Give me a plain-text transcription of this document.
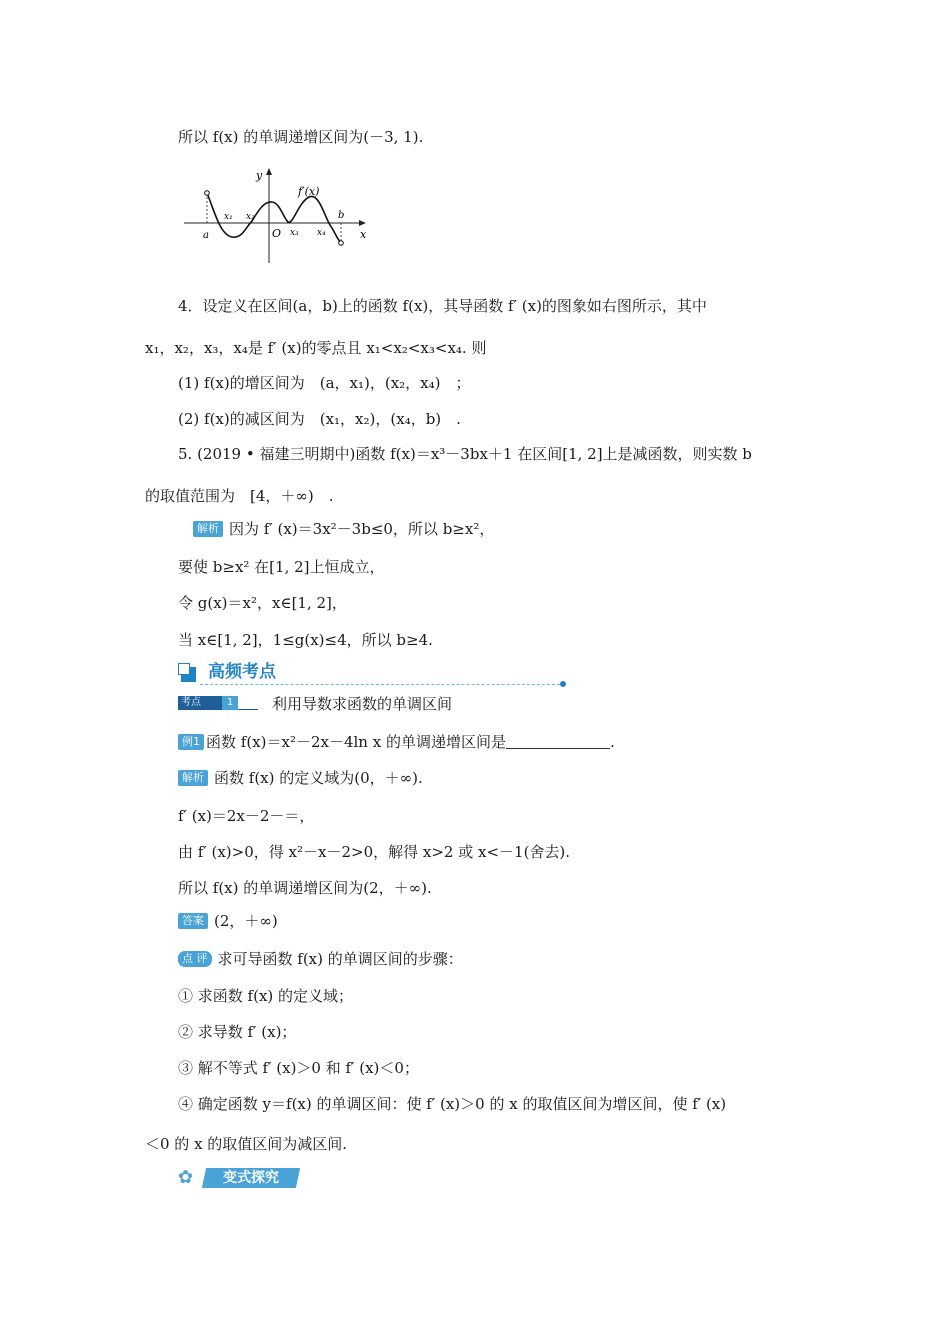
所以 f(x) 的单调递增区间为(－3, 1).
y
x
O
f′(x)
a
b
x₁ x₂
x₃ x₄
4．设定义在区间(a，b)上的函数 f(x)，其导函数 f′ (x)的图象如右图所示，其中
x₁，x₂，x₃，x₄是 f′ (x)的零点且 x₁<x₂<x₃<x₄. 则
(1) f(x)的增区间为　(a，x₁)，(x₂，x₄)　；
(2) f(x)的减区间为　(x₁，x₂)，(x₄，b)　.
5. (2019 • 福建三明期中)函数 f(x)＝x³－3bx＋1 在区间[1, 2]上是减函数，则实数 b
的取值范围为　[4，＋∞)　.
解析 因为 f′ (x)＝3x²－3b≤0，所以 b≥x²，
要使 b≥x² 在[1, 2]上恒成立，
令 g(x)＝x²，x∈[1, 2]，
当 x∈[1, 2]，1≤g(x)≤4，所以 b≥4.
高频考点
考点	1	利用导数求函数的单调区间
例1 函数 f(x)＝x²－2x－4ln x 的单调递增区间是	.
解析 函数 f(x) 的定义域为(0，＋∞).
f′ (x)＝2x－2－＝，
由 f′ (x)>0，得 x²－x－2>0，解得 x>2 或 x<－1(舍去).
所以 f(x) 的单调递增区间为(2，＋∞).
答案 (2，＋∞)
点 评 求可导函数 f(x) 的单调区间的步骤：
① 求函数 f(x) 的定义域；
② 求导数 f′ (x)；
③ 解不等式 f′ (x)＞0 和 f′ (x)＜0；
④ 确定函数 y＝f(x) 的单调区间：使 f′ (x)＞0 的 x 的取值区间为增区间，使 f′ (x)
＜0 的 x 的取值区间为减区间.
✿	变式探究
